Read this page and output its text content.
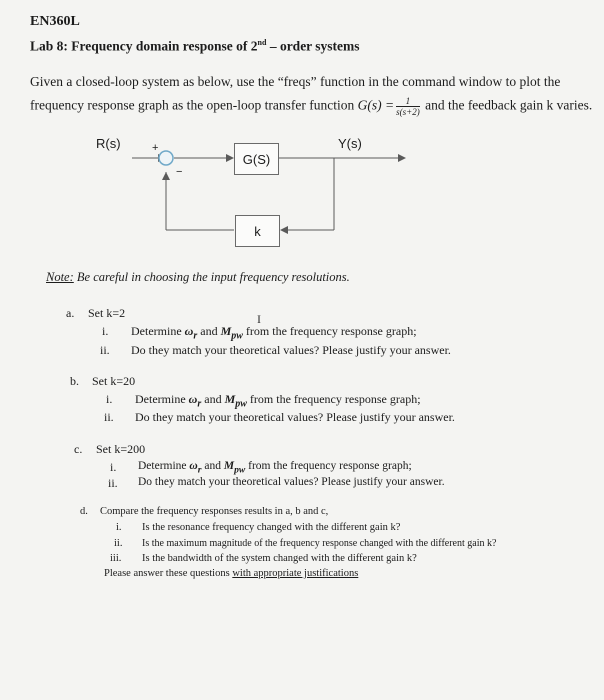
EN360L
Lab 8: Frequency domain response of 2nd – order systems
Given a closed-loop system as below, use the “freqs” function in the command window to plot the
frequency response graph as the open-loop transfer function $G(s) = \frac{1}{s(s+2)}$ and the feedback gain k varies.
R(s)	Y(s)
+
−
G(S)
k
Note: Be careful in choosing the input frequency resolutions.
I
a. Set k=2
i. Determine $\omega_r$ and $M_{pw}$ from the frequency response graph;
ii. Do they match your theoretical values? Please justify your answer.
b. Set k=20
i. Determine $\omega_r$ and $M_{pw}$ from the frequency response graph;
ii. Do they match your theoretical values? Please justify your answer.
c. Set k=200
i. Determine $\omega_r$ and $M_{pw}$ from the frequency response graph;
ii. Do they match your theoretical values? Please justify your answer.
d. Compare the frequency responses results in a, b and c,
i. Is the resonance frequency changed with the different gain k?
ii. Is the maximum magnitude of the frequency response changed with the different gain k?
iii. Is the bandwidth of the system changed with the different gain k?
Please answer these questions with appropriate justifications
